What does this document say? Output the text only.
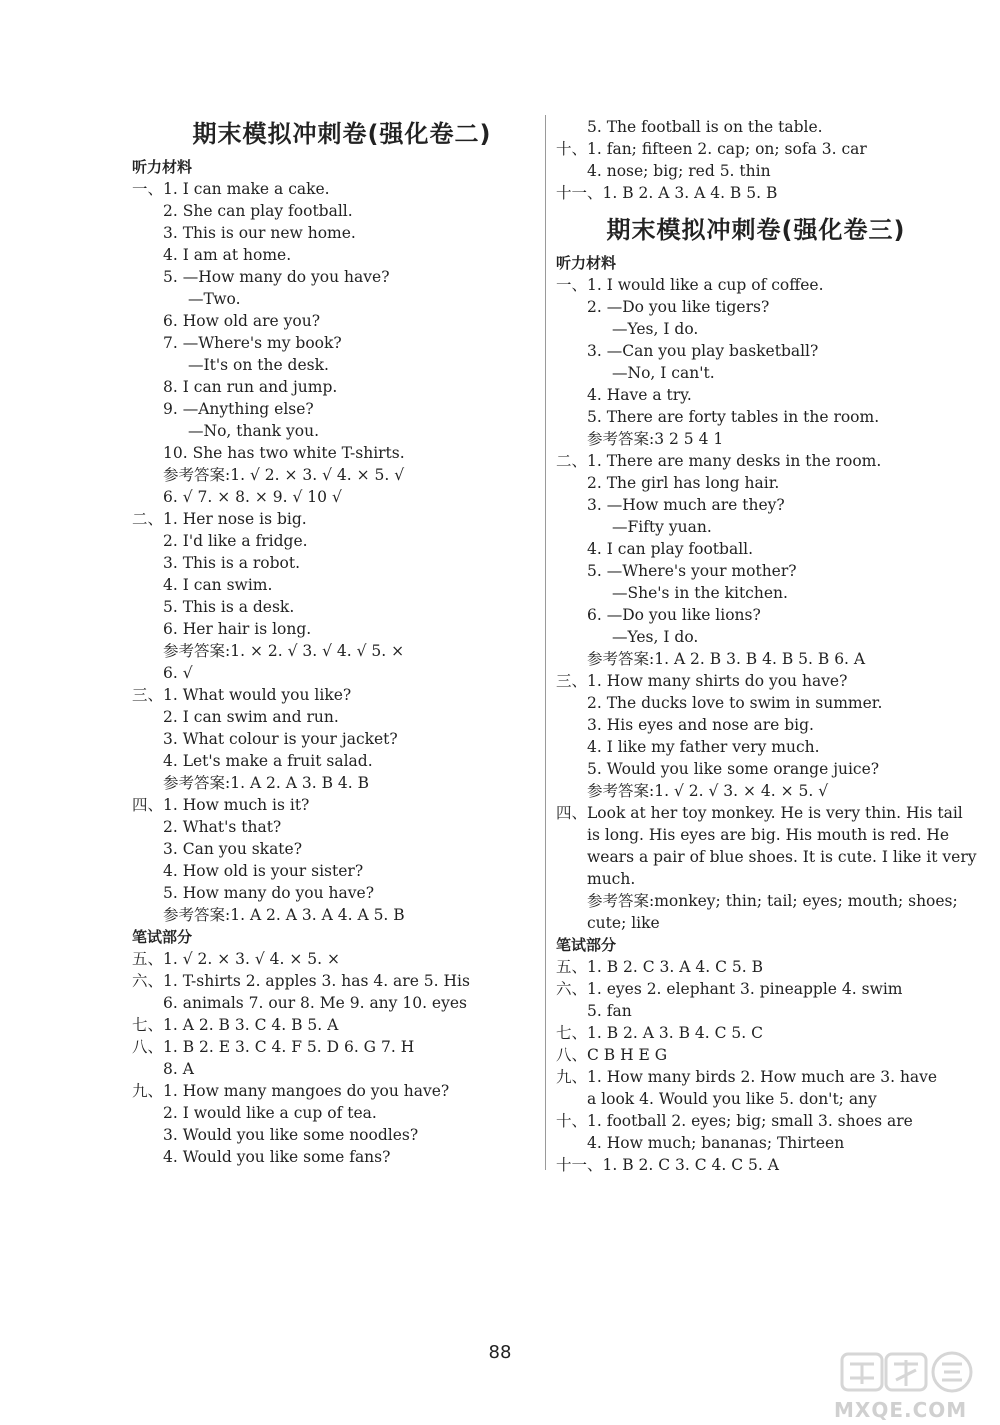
期末模拟冲刺卷(强化卷二)
听力材料
一、1. I can make a cake.
2. She can play football.
3. This is our new home.
4. I am at home.
5. —How many do you have?
—Two.
6. How old are you?
7. —Where's my book?
—It's on the desk.
8. I can run and jump.
9. —Anything else?
—No, thank you.
10. She has two white T-shirts.
参考答案:1. √ 2. × 3. √ 4. × 5. √
6. √ 7. × 8. × 9. √ 10 √
二、1. Her nose is big.
2. I'd like a fridge.
3. This is a robot.
4. I can swim.
5. This is a desk.
6. Her hair is long.
参考答案:1. × 2. √ 3. √ 4. √ 5. ×
6. √
三、1. What would you like?
2. I can swim and run.
3. What colour is your jacket?
4. Let's make a fruit salad.
参考答案:1. A 2. A 3. B 4. B
四、1. How much is it?
2. What's that?
3. Can you skate?
4. How old is your sister?
5. How many do you have?
参考答案:1. A 2. A 3. A 4. A 5. B
笔试部分
五、1. √ 2. × 3. √ 4. × 5. ×
六、1. T-shirts 2. apples 3. has 4. are 5. His
6. animals 7. our 8. Me 9. any 10. eyes
七、1. A 2. B 3. C 4. B 5. A
八、1. B 2. E 3. C 4. F 5. D 6. G 7. H
8. A
九、1. How many mangoes do you have?
2. I would like a cup of tea.
3. Would you like some noodles?
4. Would you like some fans?
5. The football is on the table.
十、1. fan; fifteen 2. cap; on; sofa 3. car
4. nose; big; red 5. thin
十一、1. B 2. A 3. A 4. B 5. B
期末模拟冲刺卷(强化卷三)
听力材料
一、1. I would like a cup of coffee.
2. —Do you like tigers?
—Yes, I do.
3. —Can you play basketball?
—No, I can't.
4. Have a try.
5. There are forty tables in the room.
参考答案:3 2 5 4 1
二、1. There are many desks in the room.
2. The girl has long hair.
3. —How much are they?
—Fifty yuan.
4. I can play football.
5. —Where's your mother?
—She's in the kitchen.
6. —Do you like lions?
—Yes, I do.
参考答案:1. A 2. B 3. B 4. B 5. B 6. A
三、1. How many shirts do you have?
2. The ducks love to swim in summer.
3. His eyes and nose are big.
4. I like my father very much.
5. Would you like some orange juice?
参考答案:1. √ 2. √ 3. × 4. × 5. √
四、Look at her toy monkey. He is very thin. His tail
is long. His eyes are big. His mouth is red. He
wears a pair of blue shoes. It is cute. I like it very
much.
参考答案:monkey; thin; tail; eyes; mouth; shoes;
cute; like
笔试部分
五、1. B 2. C 3. A 4. C 5. B
六、1. eyes 2. elephant 3. pineapple 4. swim
5. fan
七、1. B 2. A 3. B 4. C 5. C
八、C B H E G
九、1. How many birds 2. How much are 3. have
a look 4. Would you like 5. don't; any
十、1. football 2. eyes; big; small 3. shoes are
4. How much; bananas; Thirteen
十一、1. B 2. C 3. C 4. C 5. A
88
MXQE.COM
